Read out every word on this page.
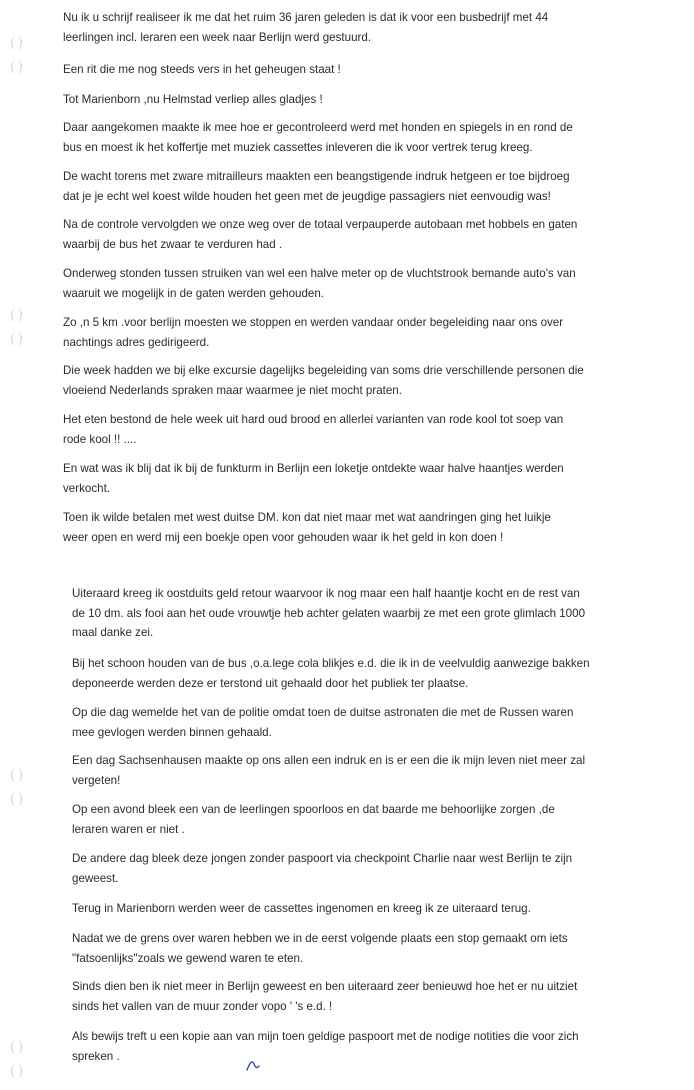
( )
( )
( )
( )
( )
( )
( )
( )

Nu ik u schrijf realiseer ik me dat het ruim 36 jaren geleden is dat ik voor een busbedrijf met 44
leerlingen incl. leraren een week naar Berlijn werd gestuurd.

Een rit die me nog steeds vers in het geheugen staat !

Tot Marienborn ,nu Helmstad verliep alles gladjes !

Daar aangekomen maakte ik mee hoe er gecontroleerd werd met honden en spiegels in en rond de
bus en moest ik het koffertje met muziek cassettes inleveren die ik voor vertrek terug kreeg.

De wacht torens met zware mitrailleurs maakten een beangstigende indruk hetgeen er toe bijdroeg
dat je je echt wel koest wilde houden het geen met de jeugdige passagiers niet eenvoudig was!

Na de controle vervolgden we onze weg over de totaal verpauperde autobaan met hobbels en gaten
waarbij de bus het zwaar te verduren had .

Onderweg stonden tussen struiken van wel een halve meter op de vluchtstrook bemande auto's van
waaruit we mogelijk in de gaten werden gehouden.

Zo ,n 5 km .voor berlijn moesten we stoppen en werden vandaar onder begeleiding naar ons over
nachtings adres gedirigeerd.

Die week hadden we bij elke excursie dagelijks begeleiding van soms drie verschillende personen die
vloeiend Nederlands spraken maar waarmee je niet mocht praten.

Het eten bestond de hele week uit hard oud brood en allerlei varianten van rode kool tot soep van
rode kool !! ....

En wat was ik blij dat ik bij de funkturm in Berlijn een loketje ontdekte waar halve haantjes werden
verkocht.

Toen ik wilde betalen met west duitse DM. kon dat niet maar met wat aandringen ging het luikje
weer open en werd mij een boekje open voor gehouden waar ik het geld in kon doen !

Uiteraard kreeg ik oostduits geld retour waarvoor ik nog maar een half haantje kocht en de rest van
de 10 dm. als fooi aan het oude vrouwtje heb achter gelaten waarbij ze met een grote glimlach 1000
maal danke zei.

Bij het schoon houden van de bus ,o.a.lege cola blikjes e.d. die ik in de veelvuldig aanwezige bakken
deponeerde werden deze er terstond uit gehaald door het publiek ter plaatse.

Op die dag wemelde het van de politie omdat toen de duitse astronaten die met de Russen waren
mee gevlogen werden binnen gehaald.

Een dag Sachsenhausen maakte op ons allen een indruk en is er een die ik mijn leven niet meer zal
vergeten!

Op een avond bleek een van de leerlingen spoorloos en dat baarde me behoorlijke zorgen ,de
leraren waren er niet .

De andere dag bleek deze jongen zonder paspoort via checkpoint Charlie naar west Berlijn te zijn
geweest.

Terug in Marienborn werden weer de cassettes ingenomen en kreeg ik ze uiteraard terug.

Nadat we de grens over waren hebben we in de eerst volgende plaats een stop gemaakt om iets
"fatsoenlijks"zoals we gewend waren te eten.

Sinds dien ben ik niet meer in Berlijn geweest en ben uiteraard zeer benieuwd hoe het er nu uitziet
sinds het vallen van de muur zonder vopo ' 's e.d. !

Als bewijs treft u een kopie aan van mijn toen geldige paspoort met de nodige notities die voor zich
spreken .
